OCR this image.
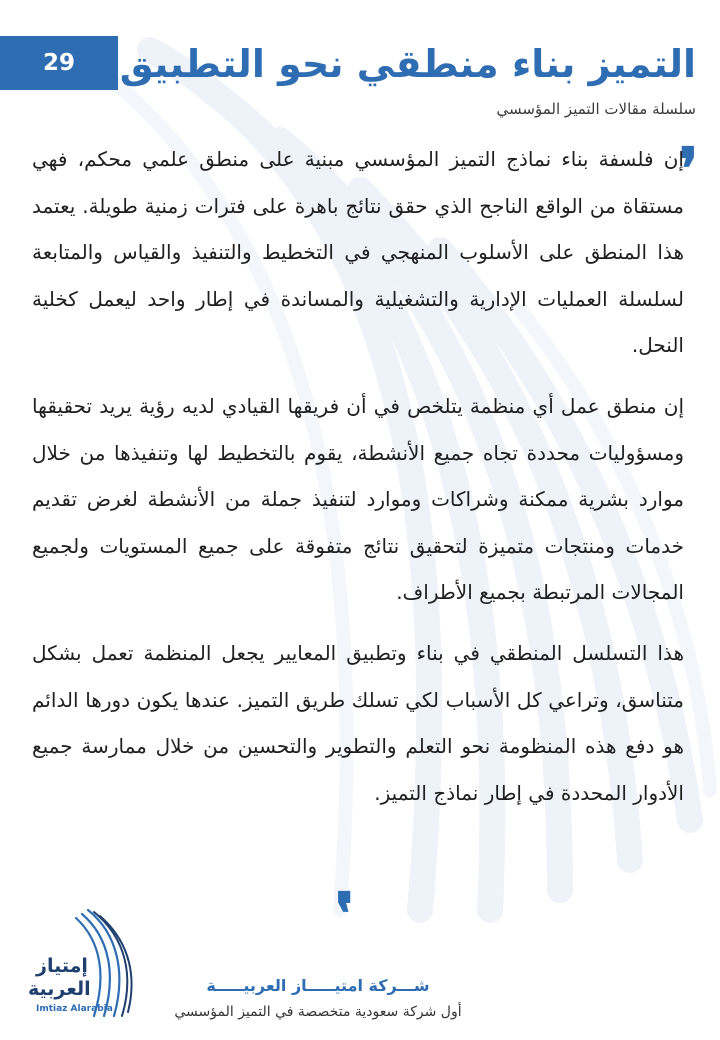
29 التميز بناء منطقي نحو التطبيق ..
سلسلة مقالات التميز المؤسسي
❜

إن فلسفة بناء نماذج التميز المؤسسي مبنية على منطق علمي محكم، فهي مستقاة من الواقع الناجح الذي حقق نتائج باهرة على فترات زمنية طويلة. يعتمد هذا المنطق على الأسلوب المنهجي في التخطيط والتنفيذ والقياس والمتابعة لسلسلة العمليات الإدارية والتشغيلية والمساندة في إطار واحد ليعمل كخلية النحل.

إن منطق عمل أي منظمة يتلخص في أن فريقها القيادي لديه رؤية يريد تحقيقها ومسؤوليات محددة تجاه جميع الأنشطة، يقوم بالتخطيط لها وتنفيذها من خلال موارد بشرية ممكنة وشراكات وموارد لتنفيذ جملة من الأنشطة لغرض تقديم خدمات ومنتجات متميزة لتحقيق نتائج متفوقة على جميع المستويات ولجميع المجالات المرتبطة بجميع الأطراف.

هذا التسلسل المنطقي في بناء وتطبيق المعايير يجعل المنظمة تعمل بشكل متناسق، وتراعي كل الأسباب لكي تسلك طريق التميز. عندها يكون دورها الدائم هو دفع هذه المنظومة نحو التعلم والتطوير والتحسين من خلال ممارسة جميع الأدوار المحددة في إطار نماذج التميز.

❜
إمتياز
العربية
Imtiaz Alarabia
شـــركة امتيـــــاز العربيـــــة
أول شركة سعودية متخصصة في التميز المؤسسي
